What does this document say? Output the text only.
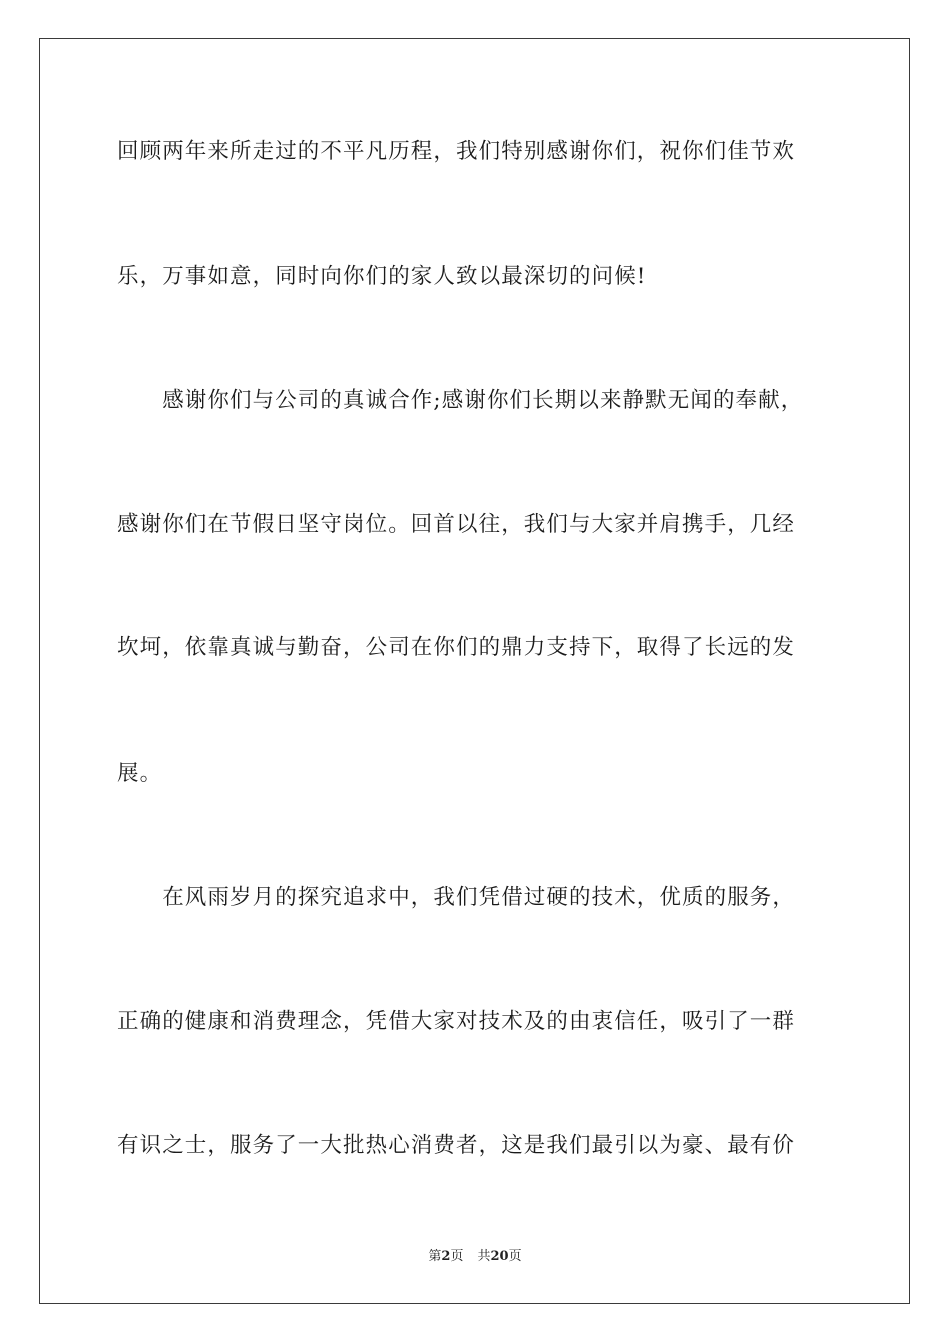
回顾两年来所走过的不平凡历程，我们特别感谢你们，祝你们佳节欢
乐，万事如意，同时向你们的家人致以最深切的问候!
　　感谢你们与公司的真诚合作;感谢你们长期以来静默无闻的奉献，
感谢你们在节假日坚守岗位。回首以往，我们与大家并肩携手，几经
坎坷，依靠真诚与勤奋，公司在你们的鼎力支持下，取得了长远的发
展。
　　在风雨岁月的探究追求中，我们凭借过硬的技术，优质的服务，
正确的健康和消费理念，凭借大家对技术及的由衷信任，吸引了一群
有识之士，服务了一大批热心消费者，这是我们最引以为豪、最有价
第2页 共20页
